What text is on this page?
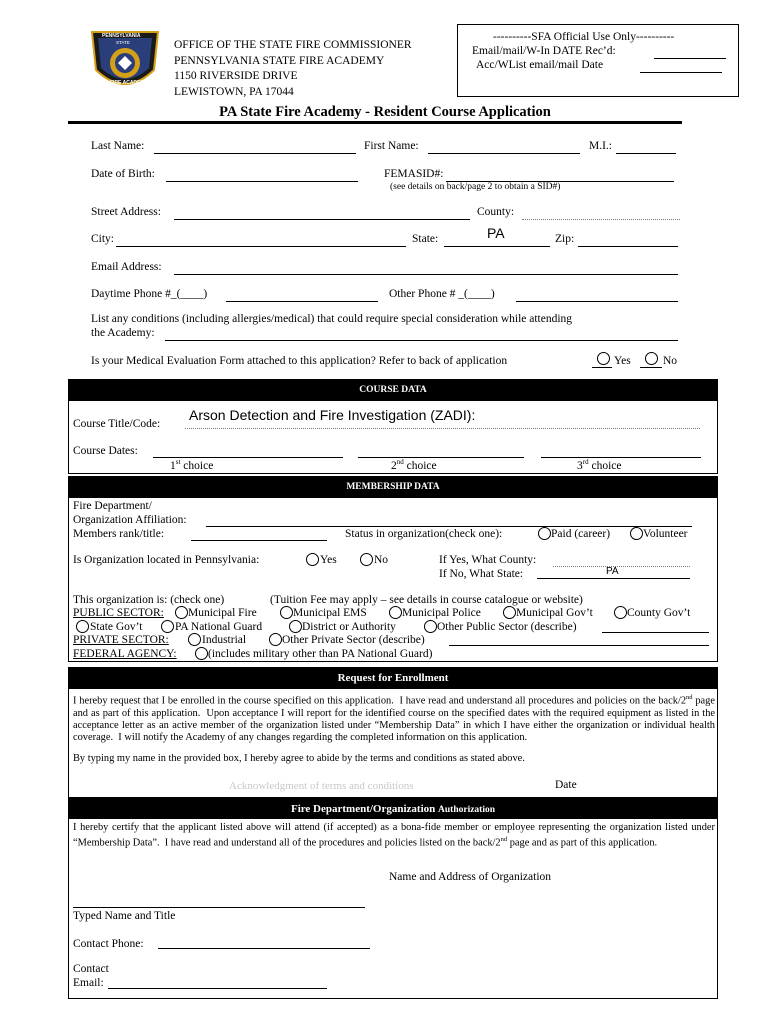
PENNSYLVANIA
STATE
FIRE ACADEMY
OFFICE OF THE STATE FIRE COMMISSIONER
PENNSYLVANIA STATE FIRE ACADEMY
1150 RIVERSIDE DRIVE
LEWISTOWN, PA 17044
----------SFA Official Use Only----------
Email/mail/W-In DATE Rec’d:
Acc/WList email/mail Date
PA State Fire Academy - Resident Course Application
Last Name:	First Name:	M.I.:
Date of Birth:	FEMASID#:
(see details on back/page 2 to obtain a SID#)
Street Address:	County:
City:	State:	PA	Zip:
Email Address:
Daytime Phone #_(____)	Other Phone # _(____)
List any conditions (including allergies/medical) that could require special consideration while attending
the Academy:
Is your Medical Evaluation Form attached to this application? Refer to back of application	Yes	No
COURSE DATA
Course Title/Code:
Arson Detection and Fire Investigation (ZADI):
Course Dates:
1st choice	2nd choice	3rd choice
MEMBERSHIP DATA
Fire Department/
Organization Affiliation:
Members rank/title:	Status in organization(check one):	Paid (career)	Volunteer
Is Organization located in Pennsylvania:	Yes	No	If Yes, What County:
If No, What State:	PA
This organization is: (check one)	(Tuition Fee may apply – see details in course catalogue or website)
PUBLIC SECTOR: Municipal Fire	Municipal EMS	Municipal Police	Municipal Gov’t	County Gov’t
State Gov’t	PA National Guard	District or Authority	Other Public Sector (describe)
PRIVATE SECTOR:	Industrial	Other Private Sector (describe)
FEDERAL AGENCY:	(includes military other than PA National Guard)
Request for Enrollment
I hereby request that I be enrolled in the course specified on this application.  I have read and understand all procedures and policies on the back/2nd page and as part of this application.  Upon acceptance I will report for the identified course on the specified dates with the required equipment as listed in the acceptance letter as an active member of the organization listed under “Membership Data” in which I have either the organization or individual health coverage.  I will notify the Academy of any changes regarding the completed information on this application.
By typing my name in the provided box, I hereby agree to abide by the terms and conditions as stated above.
Acknowledgment of terms and conditions	Date
Fire Department/Organization Authorization
I hereby certify that the applicant listed above will attend (if accepted) as a bona-fide member or employee representing the organization listed under “Membership Data”.  I have read and understand all of the procedures and policies listed on the back/2nd page and as part of this application.
Name and Address of Organization
Typed Name and Title
Contact Phone:
Contact
Email:
